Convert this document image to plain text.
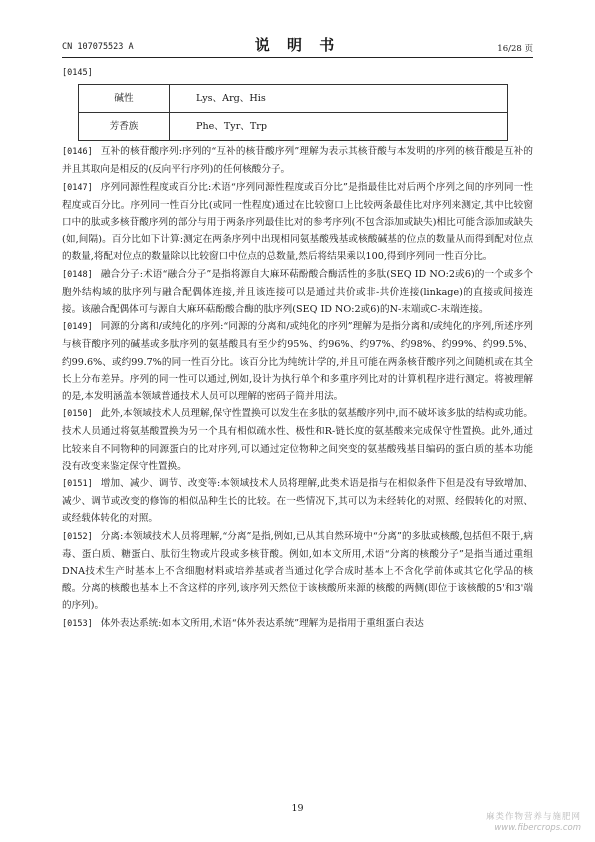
CN 107075523 A	说 明 书	16/28 页
[0145]
碱性	Lys、Arg、His
芳香族	Phe、Tyr、Trp

[0146] 互补的核苷酸序列:序列的“互补的核苷酸序列”理解为表示其核苷酸与本发明的序列的核苷酸是互补的并且其取向是相反的(反向平行序列)的任何核酸分子。

[0147] 序列同源性程度或百分比:术语“序列同源性程度或百分比”是指最佳比对后两个序列之间的序列同一性程度或百分比。序列同一性百分比(或同一性程度)通过在比较窗口上比较两条最佳比对序列来测定,其中比较窗口中的肽或多核苷酸序列的部分与用于两条序列最佳比对的参考序列(不包含添加或缺失)相比可能含添加或缺失(如,间隔)。百分比如下计算:测定在两条序列中出现相同氨基酸残基或核酸碱基的位点的数量从而得到配对位点的数量,将配对位点的数量除以比较窗口中位点的总数量,然后将结果乘以100,得到序列同一性百分比。

[0148] 融合分子:术语“融合分子”是指将源自大麻环萜酚酸合酶活性的多肽(SEQ ID NO:2或6)的一个或多个胞外结构域的肽序列与融合配偶体连接,并且该连接可以是通过共价或非-共价连接(linkage)的直接或间接连接。该融合配偶体可与源自大麻环萜酚酸合酶的肽序列(SEQ ID NO:2或6)的N-末端或C-末端连接。

[0149] 同源的分离和/或纯化的序列:“同源的分离和/或纯化的序列”理解为是指分离和/或纯化的序列,所述序列与核苷酸序列的碱基或多肽序列的氨基酸具有至少约95%、约96%、约97%、约98%、约99%、约99.5%、约99.6%、或约99.7%的同一性百分比。该百分比为纯统计学的,并且可能在两条核苷酸序列之间随机或在其全长上分布差异。序列的同一性可以通过,例如,设计为执行单个和多重序列比对的计算机程序进行测定。将被理解的是,本发明涵盖本领域普通技术人员可以理解的密码子简并用法。

[0150] 此外,本领域技术人员理解,保守性置换可以发生在多肽的氨基酸序列中,而不破坏该多肽的结构或功能。技术人员通过将氨基酸置换为另一个具有相似疏水性、极性和R-链长度的氨基酸来完成保守性置换。此外,通过比较来自不同物种的同源蛋白的比对序列,可以通过定位物种之间突变的氨基酸残基目编码的蛋白质的基本功能没有改变来鉴定保守性置换。

[0151] 增加、减少、调节、改变等:本领域技术人员将理解,此类术语是指与在相似条件下但是没有导致增加、减少、调节或改变的修饰的相似品种生长的比较。在一些情况下,其可以为未经转化的对照、经假转化的对照、或经载体转化的对照。

[0152] 分离:本领域技术人员将理解,“分离”是指,例如,已从其自然环境中“分离”的多肽或核酸,包括但不限于,病毒、蛋白质、糖蛋白、肽衍生物或片段或多核苷酸。例如,如本文所用,术语“分离的核酸分子”是指当通过重组DNA技术生产时基本上不含细胞材料或培养基或者当通过化学合成时基本上不含化学前体或其它化学品的核酸。分离的核酸也基本上不含这样的序列,该序列天然位于该核酸所来源的核酸的两侧(即位于该核酸的5'和3'端的序列)。

[0153] 体外表达系统:如本文所用,术语“体外表达系统”理解为是指用于重组蛋白表达

19
麻类作物营养与施肥网
www.fibercrops.com
